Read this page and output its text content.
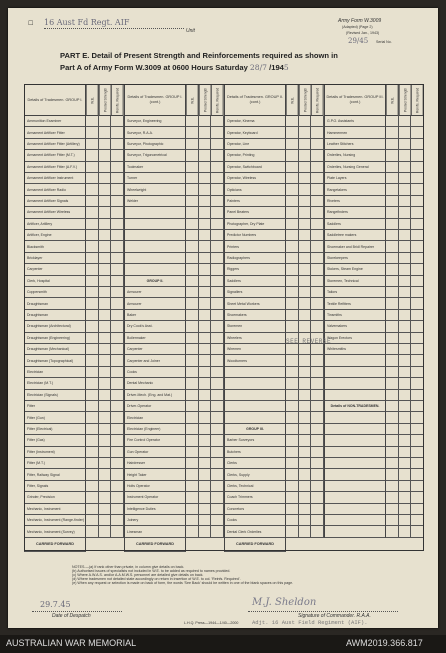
☐ 16 Aust Fd Regt. AIF
Unit
Army Form W.3009
(Adapted) (Page 2)
(Revised Jan., 1943)
29/45 Serial No.
PART E. Detail of Present Strength and Reinforcements required as shown in
Part A of Army Form W.3009 at 0600 Hours Saturday 28/7 /1945
Details of Tradesmen. GROUP I.	W.E.	Posted Strength	Reinfs. Required
Ammunition Examiner
Armament Artificer Fitter
Armament Artificer Fitter (Artillery)
Armament Artificer Fitter (M.T.)
Armament Artificer Fitter (A.F.V.)
Armament Artificer Instrument
Armament Artificer Radio
Armament Artificer Signals
Armament Artificer Wireless
Artificer, Artillery
Artificer, Engine
Blacksmith
Bricklayer
Carpenter
Clerk, Hospital
Coppersmith
Draughtsman
Draughtsman
Draughtsman (Architectural)
Draughtsman (Engineering)
Draughtsman (Mechanical)
Draughtsman (Topographical)
Electrician
Electrician (M.T.)
Electrician (Signals)
Fitter
Fitter (Gun)
Fitter (Electrical)
Fitter (Gas)
Fitter (Instrument)
Fitter (M.T.)
Fitter, Railway Signal
Fitter, Signals
Grinder, Precision
Mechanic, Instrument
Mechanic, Instrument (Range-finder)
Mechanic, Instrument (Survey)
CARRIED FORWARD
Details of Tradesmen. GROUP I. (cont.)	W.E.	Posted Strength	Reinfs. Required
Surveyor, Engineering
Surveyor, R.A.A.
Surveyor, Photographic
Surveyor, Trigonometrical
Toolmaker
Turner
Wheelwright
Welder
GROUP II.
Armourer
Armourer
Baker
Dry Cook's Asst.
Boilermaker
Carpenter
Carpenter and Joiner
Cooks
Dental Mechanic
Driver-Mech. (Eng. and Mat.)
Driver-Operator
Electrician
Electrician (Engineer)
Fire Control Operator
Gun Operator
Hairdresser
Height Taker
Holts Operator
Instrument Operator
Intelligence Duties
Joinery
Linesman
CARRIED FORWARD
Details of Tradesmen. GROUP II. (cont.)	W.E.	Posted Strength	Reinfs. Required
Operator, Kinema
Operator, Keyboard
Operator, Line
Operator, Printing
Operator, Switchboard
Operator, Wireless
Opticians
Painters
Panel Beaters
Photographer, Dry Plate
Predictor Numbers
Printers
Radiographers
Riggers
Saddlers
Signallers
Sheet Metal Workers
Shoemakers
Storemen
Wheelers
Wiremen
Woodturners
GROUP III.
Barber Surveyors
Butchers
Clerks
Clerks, Supply
Clerks, Technical
Coach Trimmers
Concretors
Cooks
Dental Clerk Orderlies
CARRIED FORWARD
Details of Tradesmen. GROUP III. (cont.)	W.E.	Posted Strength	Reinfs. Required
G.P.O. Assistants
Hammermen
Leather Stitchers
Orderlies, Nursing
Orderlies, Nursing General
Plate Layers
Rangetakers
Riveters
Rangefinders
Saddlers
Saddletree makers
Shoemaker and Bridl Repairer
Storekeepers
Stokers, Steam Engine
Storemen, Technical
Tailors
Textile Refitters
Tinsmiths
Valvemakers
Wagon Erectors
Whitesmiths
Details of NON-TRADESMEN.
SEE REVERSE
NOTES.—(a) If rank other than private, in column give details on back.
(b) Authorised issues of specialists not included in W.E. to be added as required to names provided.
(c) Where A.W.A.S. and/or A.A.M.W.S. personnel are detailed give details on back.
(d) Where tradesmen not detailed state accordingly on return in insertion of W.E. to col. 'Reinfs. Required'.
(e) When any request or selection is made on back of form, the words 'See Back' should be written in one of the blank spaces on this page.
29.7.45
Date of Despatch
M.J. Sheldon
Signature of Commander. R.A.A.
Adjt. 16 Aust Field Regiment (AIF).
L.H.Q. Press—1944—1/40—2000
AUSTRALIAN WAR MEMORIAL	AWM2019.366.817
